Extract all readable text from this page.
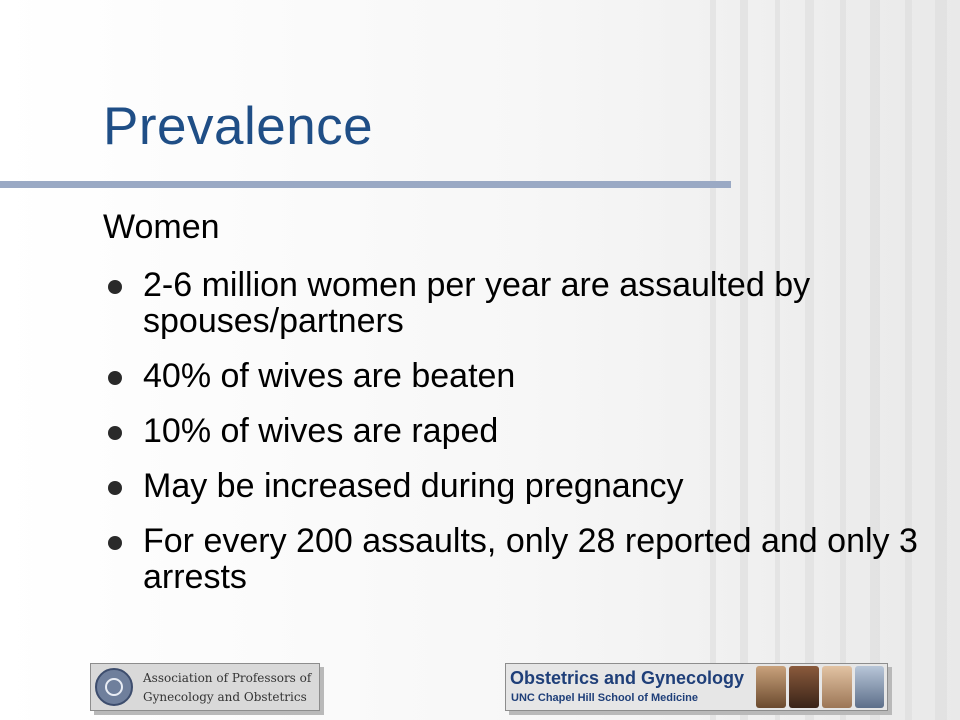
Prevalence
Women
2-6 million women per year are assaulted by spouses/partners
40% of wives are beaten
10% of wives are raped
May be increased during pregnancy
For every 200 assaults, only 28 reported and only 3 arrests
Association of Professors of
Gynecology and Obstetrics
Obstetrics and Gynecology
UNC Chapel Hill School of Medicine
